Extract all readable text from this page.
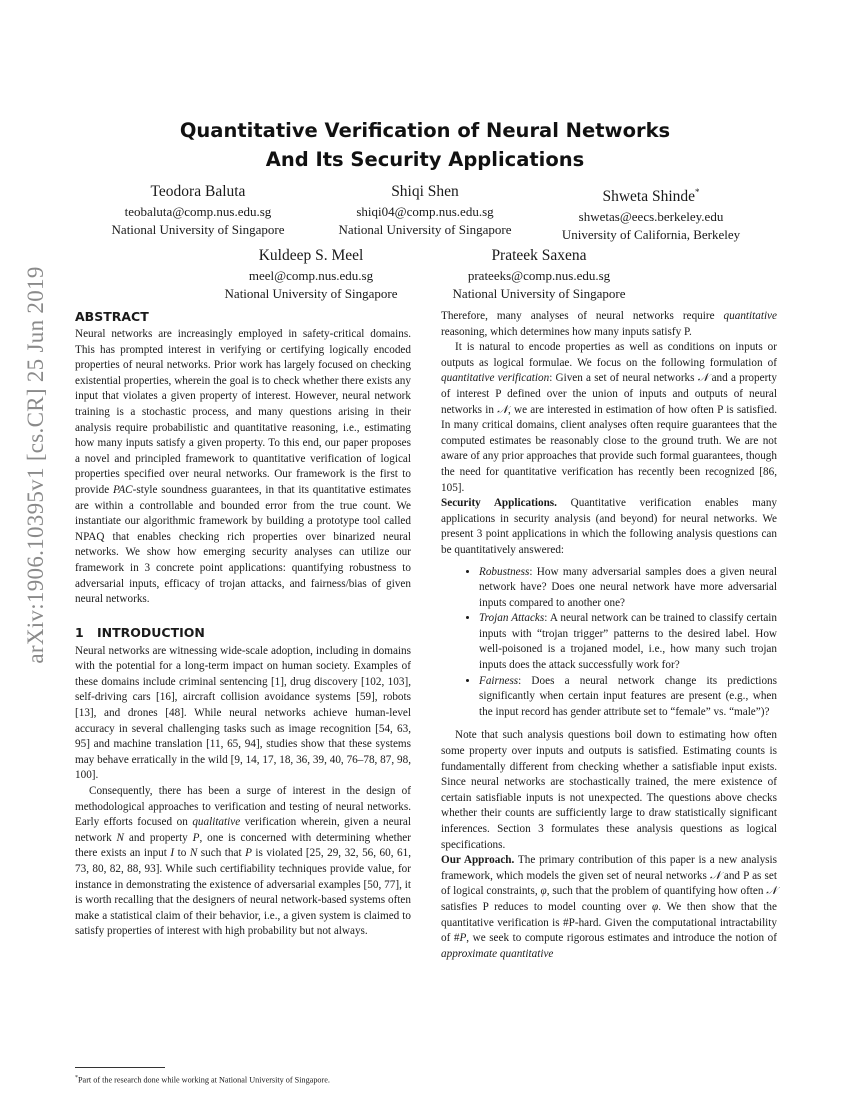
arXiv:1906.10395v1 [cs.CR] 25 Jun 2019
Quantitative Verification of Neural Networks
And Its Security Applications
Teodora Baluta
teobaluta@comp.nus.edu.sg
National University of Singapore
Shiqi Shen
shiqi04@comp.nus.edu.sg
National University of Singapore
Shweta Shinde*
shwetas@eecs.berkeley.edu
University of California, Berkeley
Kuldeep S. Meel
meel@comp.nus.edu.sg
National University of Singapore
Prateek Saxena
prateeks@comp.nus.edu.sg
National University of Singapore
ABSTRACT

Neural networks are increasingly employed in safety-critical domains. This has prompted interest in verifying or certifying logically encoded properties of neural networks. Prior work has largely focused on checking existential properties, wherein the goal is to check whether there exists any input that violates a given property of interest. However, neural network training is a stochastic process, and many questions arising in their analysis require probabilistic and quantitative reasoning, i.e., estimating how many inputs satisfy a given property. To this end, our paper proposes a novel and principled framework to quantitative verification of logical properties specified over neural networks. Our framework is the first to provide PAC-style soundness guarantees, in that its quantitative estimates are within a controllable and bounded error from the true count. We instantiate our algorithmic framework by building a prototype tool called NPAQ that enables checking rich properties over binarized neural networks. We show how emerging security analyses can utilize our framework in 3 concrete point applications: quantifying robustness to adversarial inputs, efficacy of trojan attacks, and fairness/bias of given neural networks.

1 INTRODUCTION

Neural networks are witnessing wide-scale adoption, including in domains with the potential for a long-term impact on human society. Examples of these domains include criminal sentencing [1], drug discovery [102, 103], self-driving cars [16], aircraft collision avoidance systems [59], robots [13], and drones [48]. While neural networks achieve human-level accuracy in several challenging tasks such as image recognition [54, 63, 95] and machine translation [11, 65, 94], studies show that these systems may behave erratically in the wild [9, 14, 17, 18, 36, 39, 40, 76–78, 87, 98, 100].

Consequently, there has been a surge of interest in the design of methodological approaches to verification and testing of neural networks. Early efforts focused on qualitative verification wherein, given a neural network N and property P, one is concerned with determining whether there exists an input I to N such that P is violated [25, 29, 32, 56, 60, 61, 73, 80, 82, 88, 93]. While such certifiability techniques provide value, for instance in demonstrating the existence of adversarial examples [50, 77], it is worth recalling that the designers of neural network-based systems often make a statistical claim of their behavior, i.e., a given system is claimed to satisfy properties of interest with high probability but not always.

Therefore, many analyses of neural networks require quantitative reasoning, which determines how many inputs satisfy P.

It is natural to encode properties as well as conditions on inputs or outputs as logical formulae. We focus on the following formulation of quantitative verification: Given a set of neural networks 𝒩 and a property of interest P defined over the union of inputs and outputs of neural networks in 𝒩, we are interested in estimation of how often P is satisfied. In many critical domains, client analyses often require guarantees that the computed estimates be reasonably close to the ground truth. We are not aware of any prior approaches that provide such formal guarantees, though the need for quantitative verification has recently been recognized [86, 105].

Security Applications. Quantitative verification enables many applications in security analysis (and beyond) for neural networks. We present 3 point applications in which the following analysis questions can be quantitatively answered:

• Robustness: How many adversarial samples does a given neural network have? Does one neural network have more adversarial inputs compared to another one?
• Trojan Attacks: A neural network can be trained to classify certain inputs with “trojan trigger” patterns to the desired label. How well-poisoned is a trojaned model, i.e., how many such trojan inputs does the attack successfully work for?
• Fairness: Does a neural network change its predictions significantly when certain input features are present (e.g., when the input record has gender attribute set to “female” vs. “male”)?

Note that such analysis questions boil down to estimating how often some property over inputs and outputs is satisfied. Estimating counts is fundamentally different from checking whether a satisfiable input exists. Since neural networks are stochastically trained, the mere existence of certain satisfiable inputs is not unexpected. The questions above checks whether their counts are sufficiently large to draw statistically significant inferences. Section 3 formulates these analysis questions as logical specifications.

Our Approach. The primary contribution of this paper is a new analysis framework, which models the given set of neural networks 𝒩 and P as set of logical constraints, φ, such that the problem of quantifying how often 𝒩 satisfies P reduces to model counting over φ. We then show that the quantitative verification is #P-hard. Given the computational intractability of #P, we seek to compute rigorous estimates and introduce the notion of approximate quantitative

*Part of the research done while working at National University of Singapore.
